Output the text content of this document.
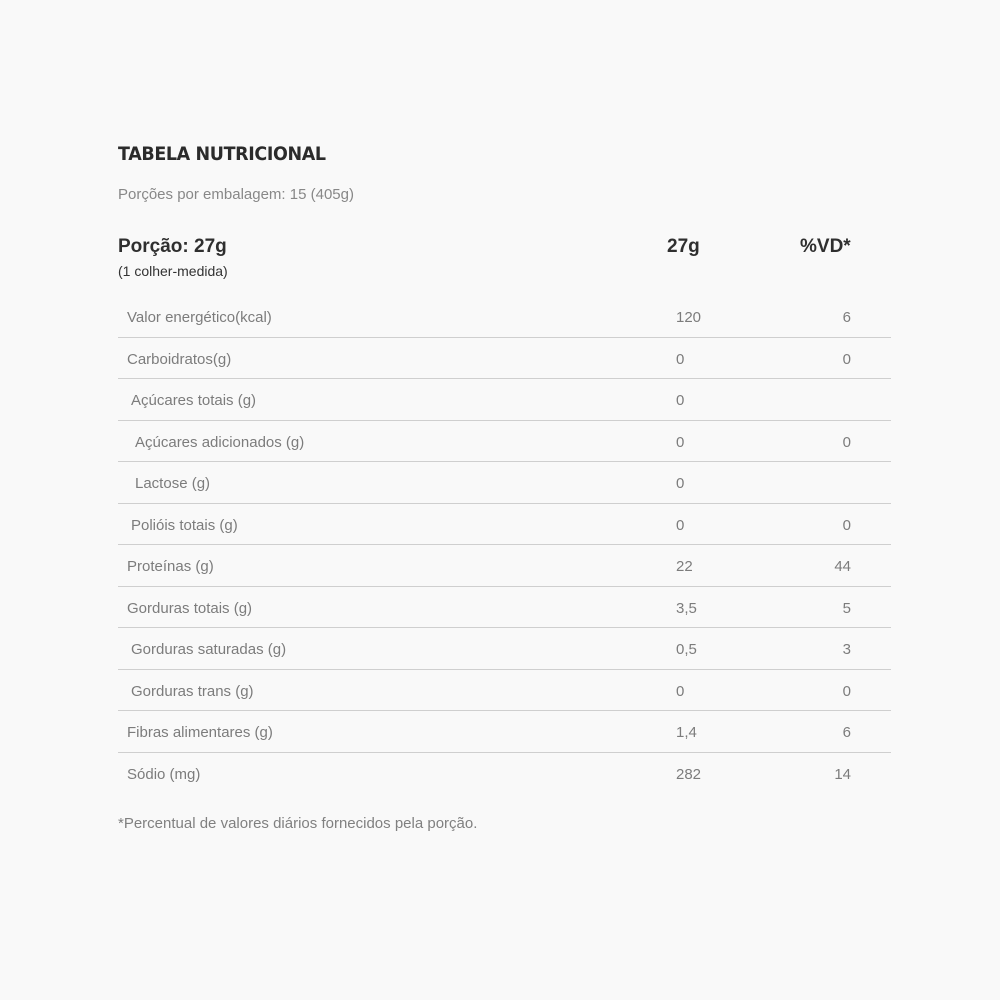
TABELA NUTRICIONAL
Porções por embalagem: 15 (405g)
Porção: 27g
(1 colher-medida)
27g	%VD*
Valor energético(kcal)	120	6
Carboidratos(g)	0	0
Açúcares totais (g)	0
Açúcares adicionados (g)	0	0
Lactose (g)	0
Polióis totais (g)	0	0
Proteínas (g)	22	44
Gorduras totais (g)	3,5	5
Gorduras saturadas (g)	0,5	3
Gorduras trans (g)	0	0
Fibras alimentares (g)	1,4	6
Sódio (mg)	282	14
*Percentual de valores diários fornecidos pela porção.
